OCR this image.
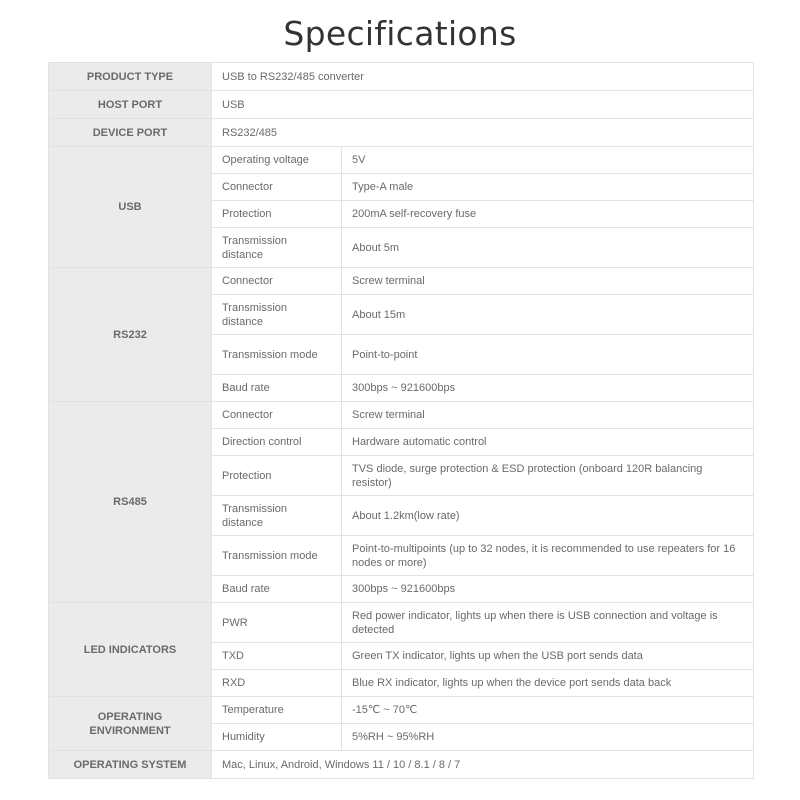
Specifications
PRODUCT TYPE	USB to RS232/485 converter	
HOST PORT	USB	
DEVICE PORT	RS232/485	
USB	Operating voltage	5V
	Connector	Type-A male
	Protection	200mA self-recovery fuse
	Transmission distance	About 5m
RS232	Connector	Screw terminal
	Transmission distance	About 15m
	Transmission mode	Point-to-point
	Baud rate	300bps ~ 921600bps
RS485	Connector	Screw terminal
	Direction control	Hardware automatic control
	Protection	TVS diode, surge protection & ESD protection (onboard 120R balancing resistor)
	Transmission distance	About 1.2km(low rate)
	Transmission mode	Point-to-multipoints (up to 32 nodes, it is recommended to use repeaters for 16 nodes or more)
	Baud rate	300bps ~ 921600bps
LED INDICATORS	PWR	Red power indicator, lights up when there is USB connection and voltage is detected
	TXD	Green TX indicator, lights up when the USB port sends data
	RXD	Blue RX indicator, lights up when the device port sends data back
OPERATING ENVIRONMENT	Temperature	-15℃ ~ 70℃
	Humidity	5%RH ~ 95%RH
OPERATING SYSTEM	Mac, Linux, Android, Windows 11 / 10 / 8.1 / 8 / 7	
